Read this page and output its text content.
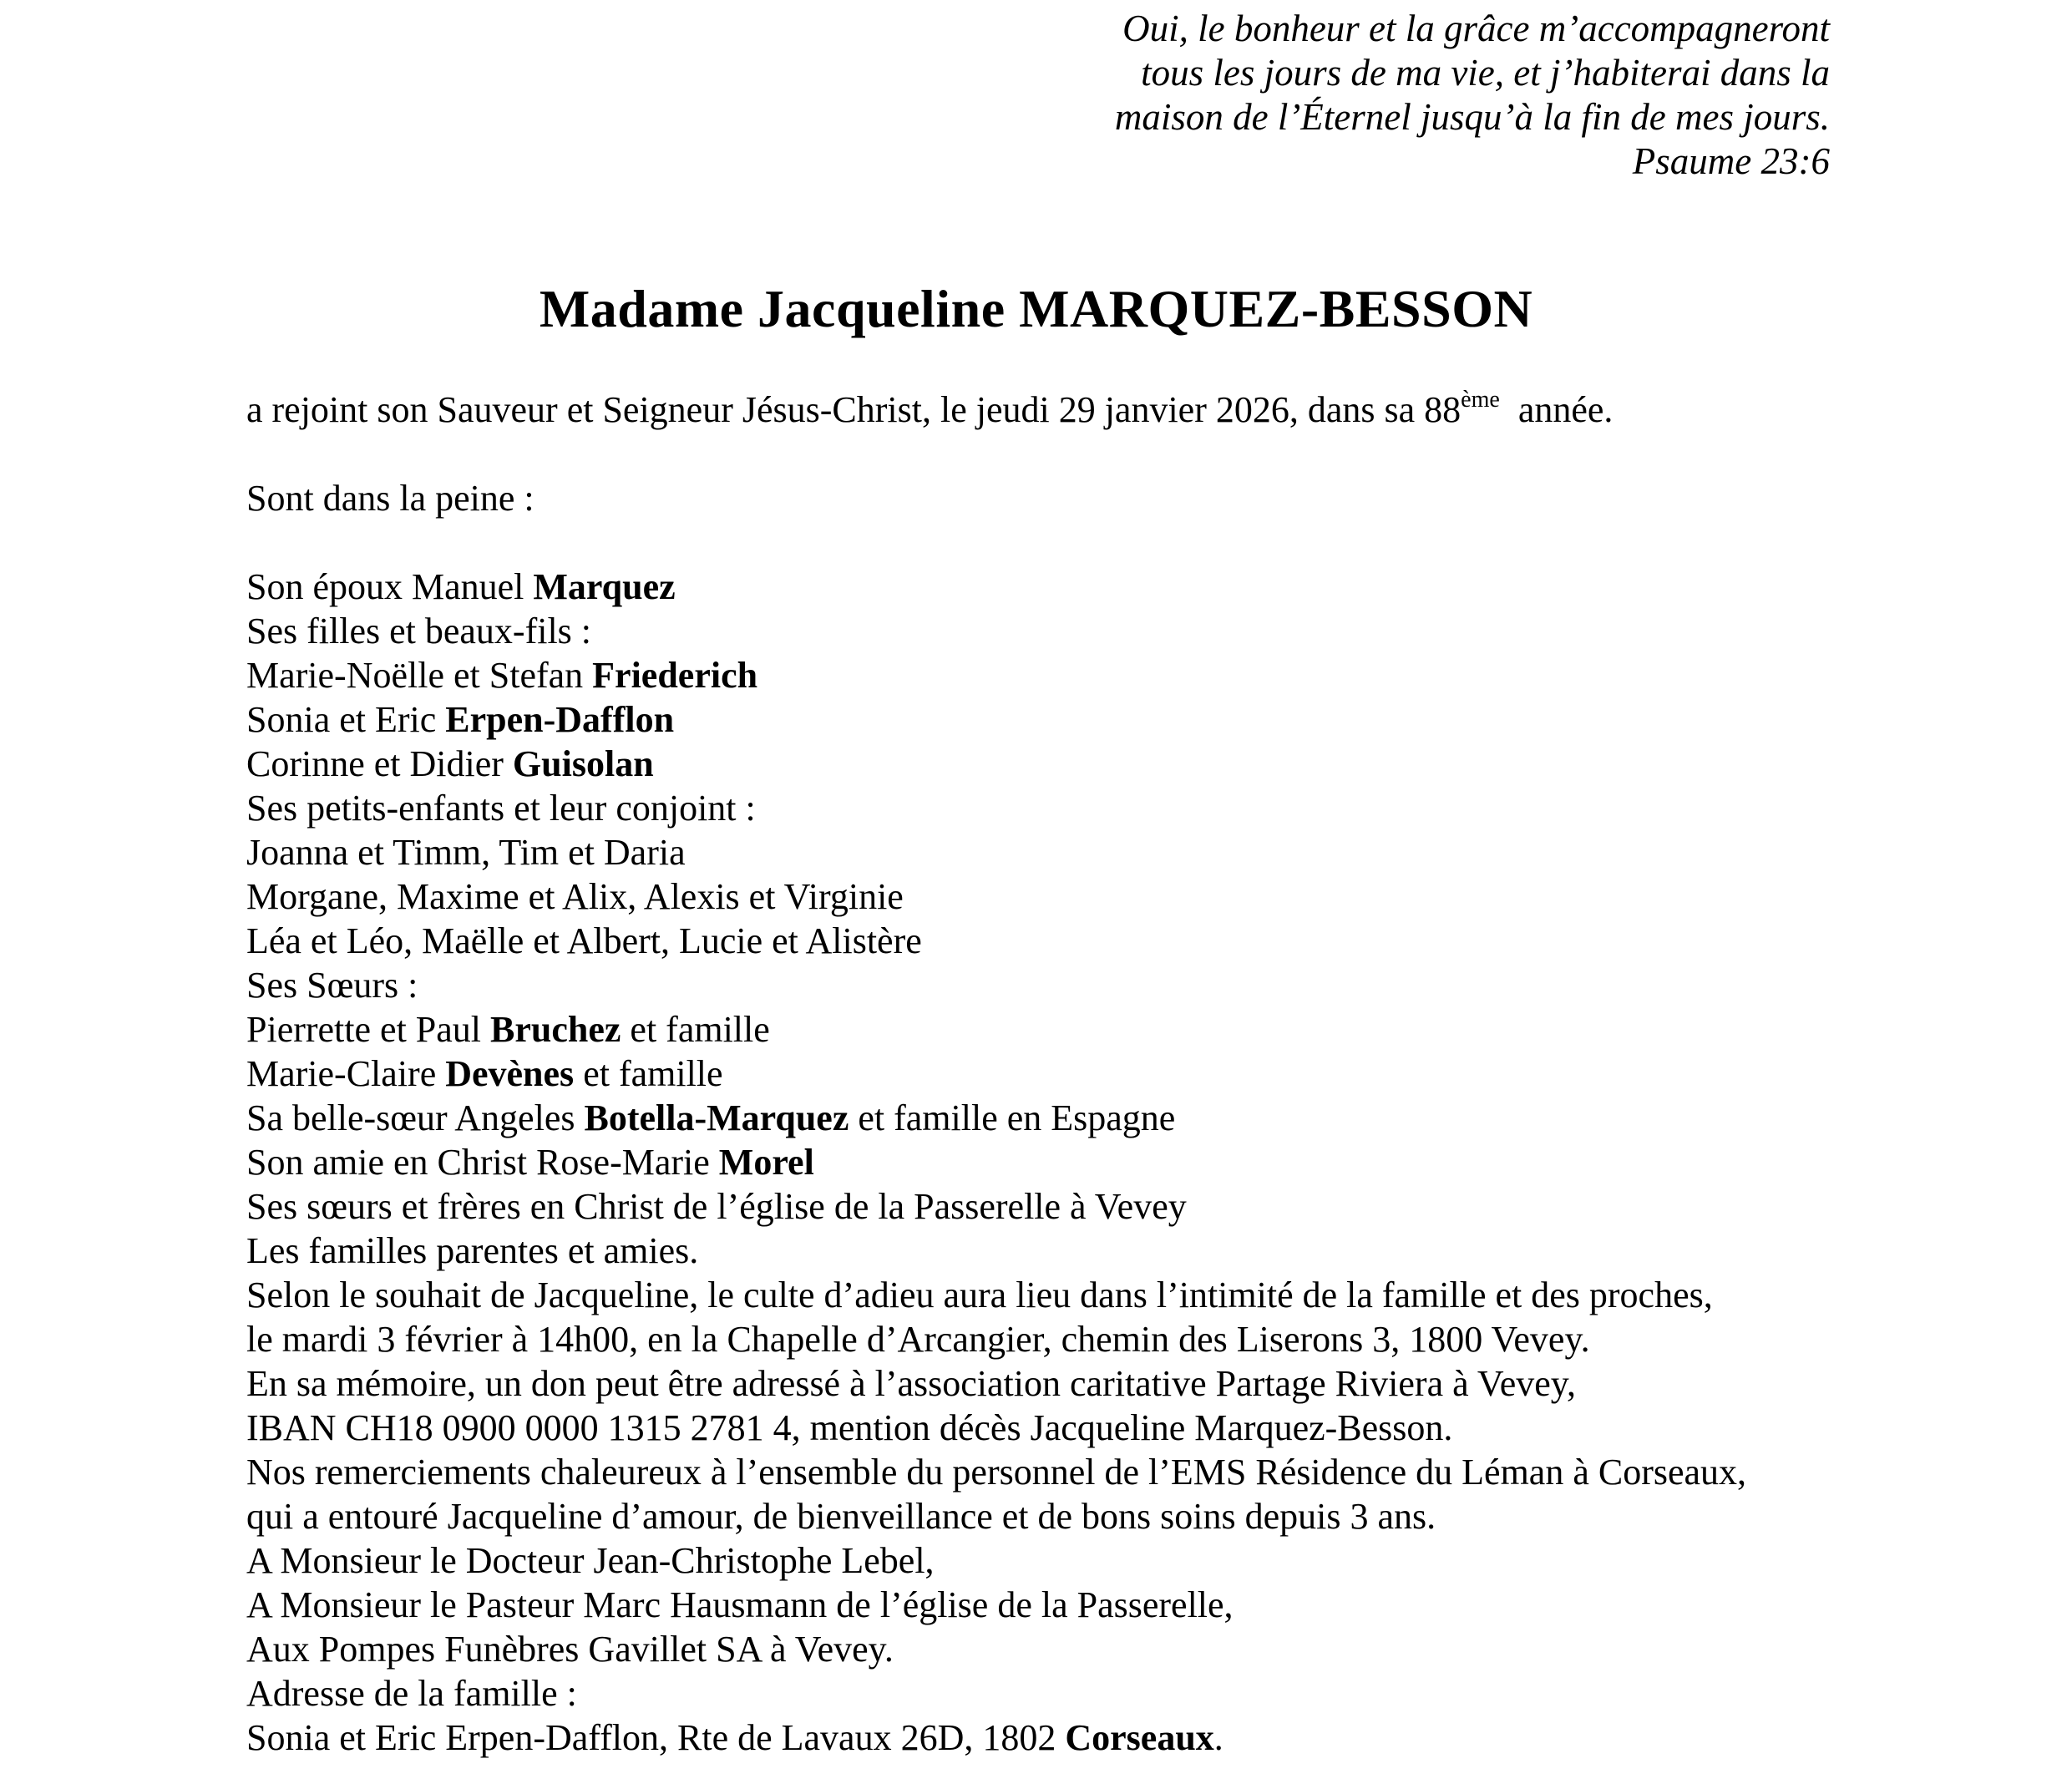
Oui, le bonheur et la grâce m’accompagneront
tous les jours de ma vie, et j’habiterai dans la
maison de l’Éternel jusqu’à la fin de mes jours.
Psaume 23:6
Madame Jacqueline MARQUEZ-BESSON
a rejoint son Sauveur et Seigneur Jésus-Christ, le jeudi 29 janvier 2026, dans sa 88ème  année.
Sont dans la peine :
Son époux Manuel Marquez
Ses filles et beaux-fils :
Marie-Noëlle et Stefan Friederich
Sonia et Eric Erpen-Dafflon
Corinne et Didier Guisolan
Ses petits-enfants et leur conjoint :
Joanna et Timm, Tim et Daria
Morgane, Maxime et Alix, Alexis et Virginie
Léa et Léo, Maëlle et Albert, Lucie et Alistère
Ses Sœurs :
Pierrette et Paul Bruchez et famille
Marie-Claire Devènes et famille
Sa belle-sœur Angeles Botella-Marquez et famille en Espagne
Son amie en Christ Rose-Marie Morel
Ses sœurs et frères en Christ de l’église de la Passerelle à Vevey
Les familles parentes et amies.
Selon le souhait de Jacqueline, le culte d’adieu aura lieu dans l’intimité de la famille et des proches,
le mardi 3 février à 14h00, en la Chapelle d’Arcangier, chemin des Liserons 3, 1800 Vevey.
En sa mémoire, un don peut être adressé à l’association caritative Partage Riviera à Vevey,
IBAN CH18 0900 0000 1315 2781 4, mention décès Jacqueline Marquez-Besson.
Nos remerciements chaleureux à l’ensemble du personnel de l’EMS Résidence du Léman à Corseaux,
qui a entouré Jacqueline d’amour, de bienveillance et de bons soins depuis 3 ans.
A Monsieur le Docteur Jean-Christophe Lebel,
A Monsieur le Pasteur Marc Hausmann de l’église de la Passerelle,
Aux Pompes Funèbres Gavillet SA à Vevey.
Adresse de la famille :
Sonia et Eric Erpen-Dafflon, Rte de Lavaux 26D, 1802 Corseaux.
